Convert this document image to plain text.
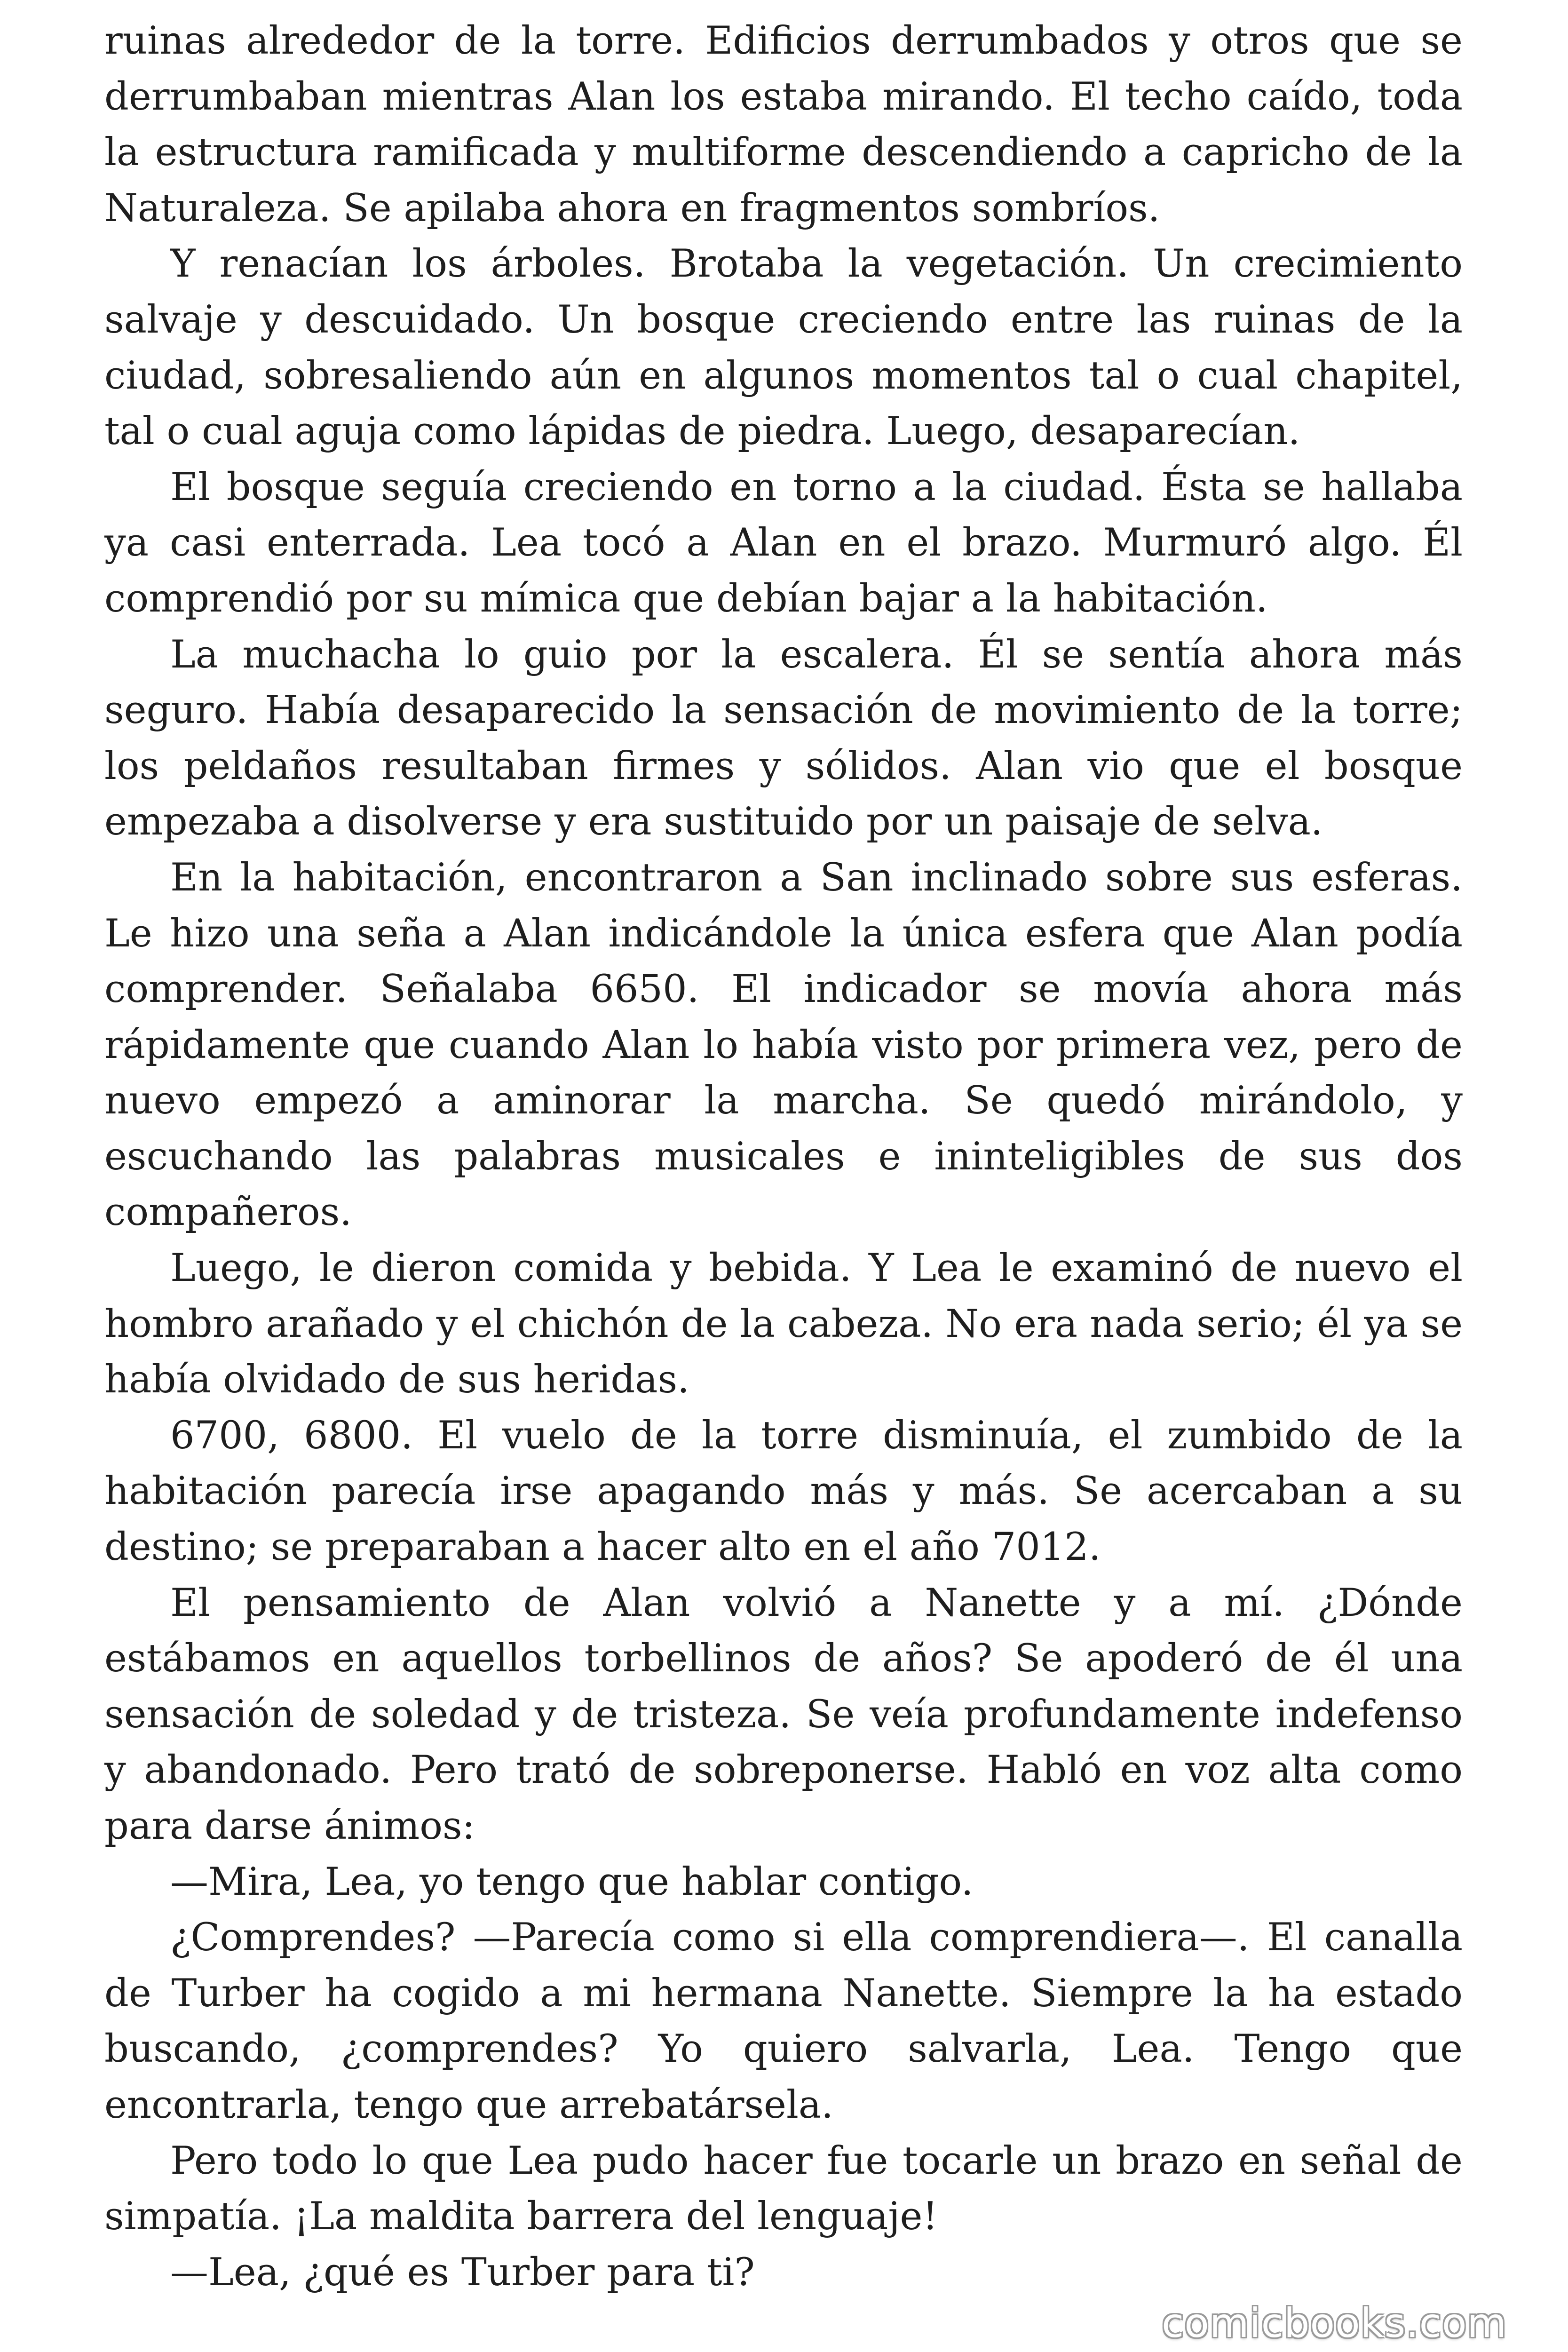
ruinas alrededor de la torre. Edificios derrumbados y otros que se derrumbaban mientras Alan los estaba mirando. El techo caído, toda la estructura ramificada y multiforme descendiendo a capricho de la Naturaleza. Se apilaba ahora en fragmentos sombríos.

Y renacían los árboles. Brotaba la vegetación. Un crecimiento salvaje y descuidado. Un bosque creciendo entre las ruinas de la ciudad, sobresaliendo aún en algunos momentos tal o cual chapitel, tal o cual aguja como lápidas de piedra. Luego, desaparecían.

El bosque seguía creciendo en torno a la ciudad. Ésta se hallaba ya casi enterrada. Lea tocó a Alan en el brazo. Murmuró algo. Él comprendió por su mímica que debían bajar a la habitación.

La muchacha lo guio por la escalera. Él se sentía ahora más seguro. Había desaparecido la sensación de movimiento de la torre; los peldaños resultaban firmes y sólidos. Alan vio que el bosque empezaba a disolverse y era sustituido por un paisaje de selva.

En la habitación, encontraron a San inclinado sobre sus esferas. Le hizo una seña a Alan indicándole la única esfera que Alan podía comprender. Señalaba 6650. El indicador se movía ahora más rápidamente que cuando Alan lo había visto por primera vez, pero de nuevo empezó a aminorar la marcha. Se quedó mirándolo, y escuchando las palabras musicales e ininteligibles de sus dos compañeros.

Luego, le dieron comida y bebida. Y Lea le examinó de nuevo el hombro arañado y el chichón de la cabeza. No era nada serio; él ya se había olvidado de sus heridas.

6700, 6800. El vuelo de la torre disminuía, el zumbido de la habitación parecía irse apagando más y más. Se acercaban a su destino; se preparaban a hacer alto en el año 7012.

El pensamiento de Alan volvió a Nanette y a mí. ¿Dónde estábamos en aquellos torbellinos de años? Se apoderó de él una sensación de soledad y de tristeza. Se veía profundamente indefenso y abandonado. Pero trató de sobreponerse. Habló en voz alta como para darse ánimos:

—Mira, Lea, yo tengo que hablar contigo.

¿Comprendes? —Parecía como si ella comprendiera—. El canalla de Turber ha cogido a mi hermana Nanette. Siempre la ha estado buscando, ¿comprendes? Yo quiero salvarla, Lea. Tengo que encontrarla, tengo que arrebatársela.

Pero todo lo que Lea pudo hacer fue tocarle un brazo en señal de simpatía. ¡La maldita barrera del lenguaje!

—Lea, ¿qué es Turber para ti?

comicbooks.com
